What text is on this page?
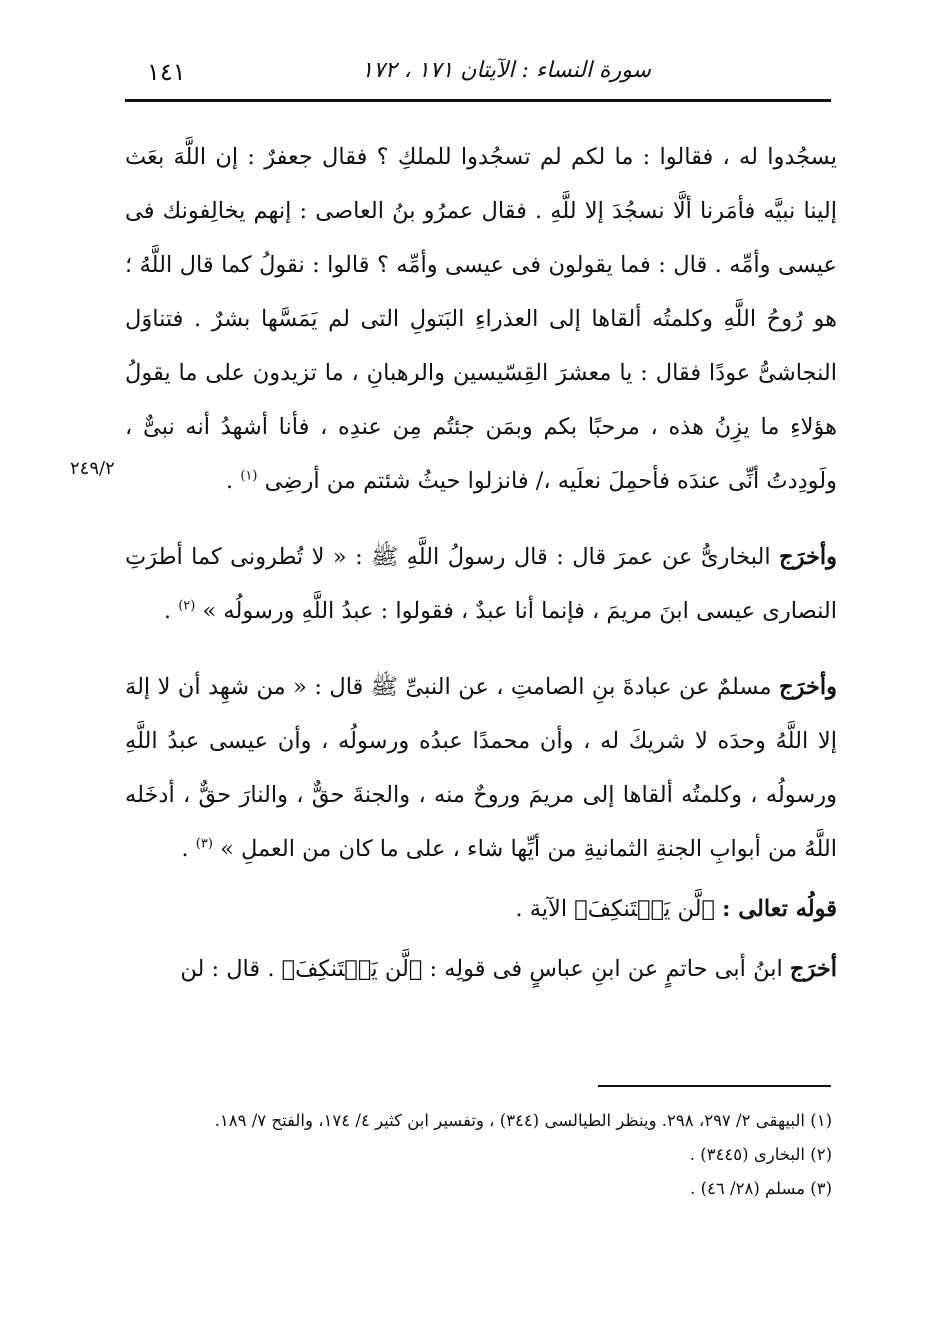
سورة النساء : الآيتان ١٧١ ، ١٧٢
١٤١
٢٤٩/٢

يسجُدوا له ، فقالوا : ما لكم لم تسجُدوا للملكِ ؟ فقال جعفرٌ : إن اللَّهَ بعَث إلينا نبيَّه فأمَرنا ألَّا نسجُدَ إلا للَّهِ . فقال عمرُو بنُ العاصى : إنهم يخالِفونك فى عيسى وأمِّه . قال : فما يقولون فى عيسى وأمِّه ؟ قالوا : نقولُ كما قال اللَّهُ ؛ هو رُوحُ اللَّهِ وكلمتُه ألقاها إلى العذراءِ البَتولِ التى لم يَمَسَّها بشرٌ . فتناوَل النجاشىُّ عودًا فقال : يا معشرَ القِسّيسين والرهبانِ ، ما تزيدون على ما يقولُ هؤلاءِ ما يزِنُ هذه ، مرحبًا بكم وبمَن جئتُم مِن عندِه ، فأنا أشهدُ أنه نبىٌّ ، ولَودِدتُ أنِّى عندَه فأحمِلَ نعلَيه ،/ فانزلوا حيثُ شئتم من أرضِى $^{(١)}$ .

وأخرَج البخارىُّ عن عمرَ قال : قال رسولُ اللَّهِ ﷺ : « لا تُطرونى كما أطرَتِ النصارى عيسى ابنَ مريمَ ، فإنما أنا عبدٌ ، فقولوا : عبدُ اللَّهِ ورسولُه » $^{(٢)}$ .

وأخرَج مسلمٌ عن عبادةَ بنِ الصامتِ ، عن النبىِّ ﷺ قال : « من شهِد أن لا إلهَ إلا اللَّهُ وحدَه لا شريكَ له ، وأن محمدًا عبدُه ورسولُه ، وأن عيسى عبدُ اللَّهِ ورسولُه ، وكلمتُه ألقاها إلى مريمَ وروحٌ منه ، والجنةَ حقٌّ ، والنارَ حقٌّ ، أدخَله اللَّهُ من أبوابِ الجنةِ الثمانيةِ من أيِّها شاء ، على ما كان من العملِ » $^{(٣)}$ .

قولُه تعالى : ﴿لَّن يَسۡتَنكِفَ﴾ الآية .

أخرَج ابنُ أبى حاتمٍ عن ابنِ عباسٍ فى قولِه : ﴿لَّن يَسۡتَنكِفَ﴾ . قال : لن

(١) البيهقى ٢/ ٢٩٧، ٢٩٨. وينظر الطيالسى (٣٤٤) ، وتفسير ابن كثير ٤/ ١٧٤، والفتح ٧/ ١٨٩.
(٢) البخارى (٣٤٤٥) .
(٣) مسلم (٢٨/ ٤٦) .
